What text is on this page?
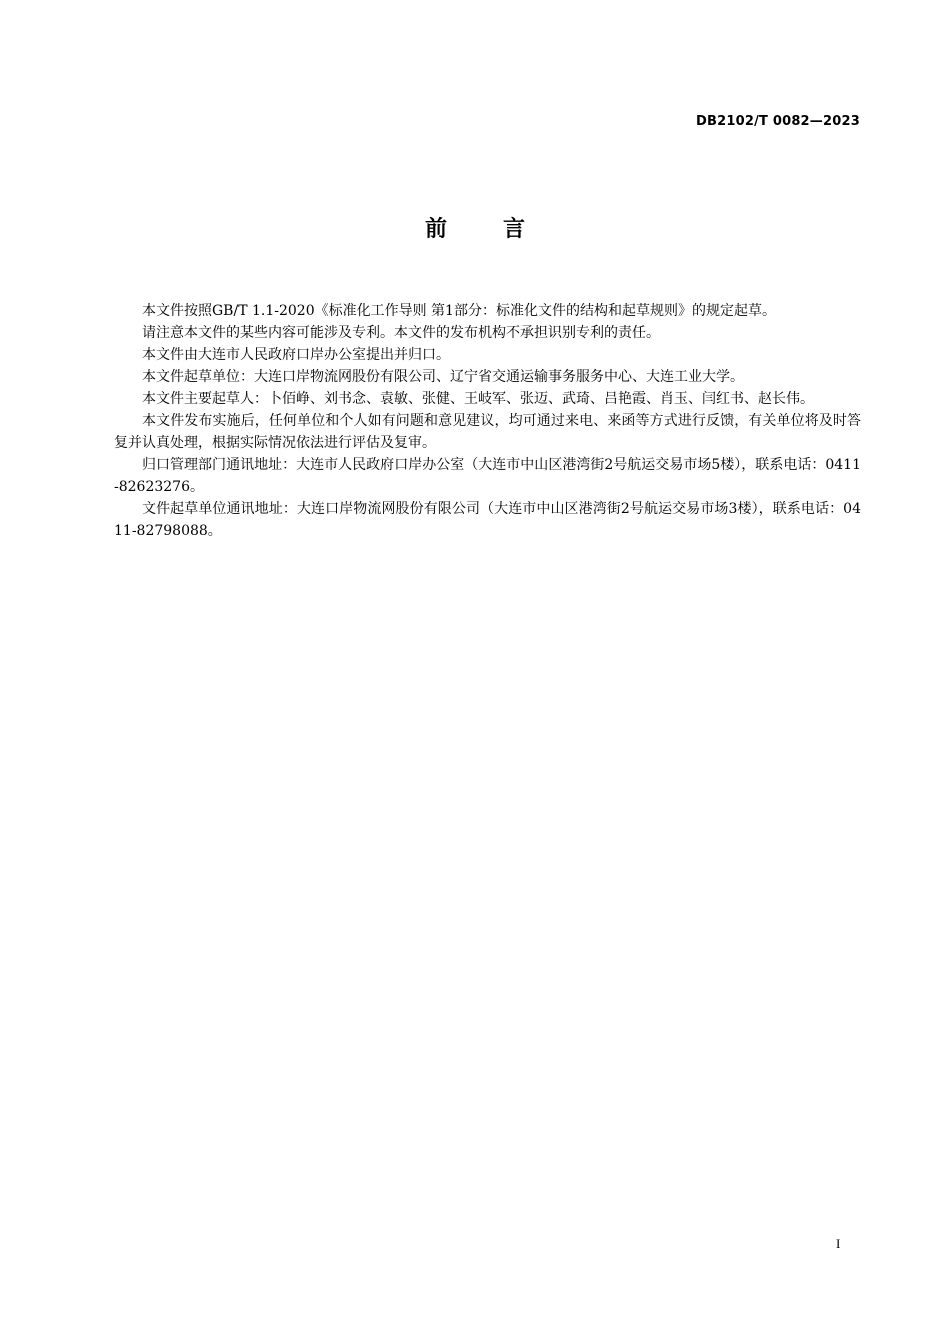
DB2102/T 0082—2023
前言

本文件按照GB/T 1.1-2020《标准化工作导则 第1部分：标准化文件的结构和起草规则》的规定起草。

请注意本文件的某些内容可能涉及专利。本文件的发布机构不承担识别专利的责任。

本文件由大连市人民政府口岸办公室提出并归口。

本文件起草单位：大连口岸物流网股份有限公司、辽宁省交通运输事务服务中心、大连工业大学。

本文件主要起草人：卜佰峥、刘书念、袁敏、张健、王岐军、张迈、武琦、吕艳霞、肖玉、闫红书、赵长伟。

本文件发布实施后，任何单位和个人如有问题和意见建议，均可通过来电、来函等方式进行反馈，有关单位将及时答复并认真处理，根据实际情况依法进行评估及复审。

归口管理部门通讯地址：大连市人民政府口岸办公室（大连市中山区港湾街2号航运交易市场5楼），联系电话：0411-82623276。

文件起草单位通讯地址：大连口岸物流网股份有限公司（大连市中山区港湾街2号航运交易市场3楼），联系电话：0411-82798088。

I
